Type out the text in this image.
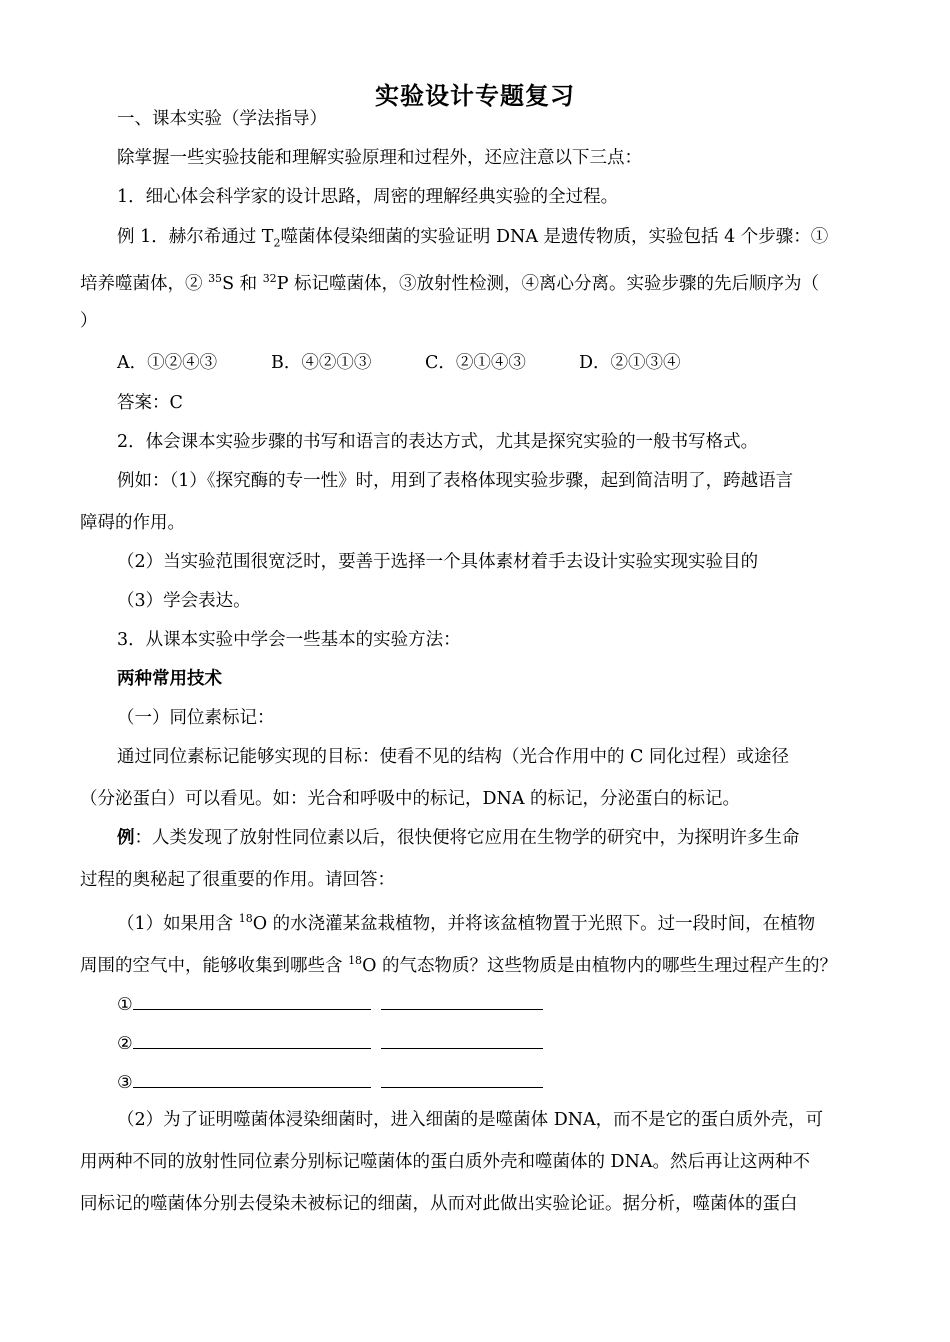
实验设计专题复习
一、课本实验（学法指导）
除掌握一些实验技能和理解实验原理和过程外，还应注意以下三点：
1．细心体会科学家的设计思路，周密的理解经典实验的全过程。
例 1．赫尔希通过 $T_2$噬菌体侵染细菌的实验证明 DNA 是遗传物质，实验包括 4 个步骤：①
培养噬菌体，② $^{35}$S 和 $^{32}$P 标记噬菌体，③放射性检测，④离心分离。实验步骤的先后顺序为（
）
A．①②④③	B．④②①③	C．②①④③	D．②①③④
答案：C
2．体会课本实验步骤的书写和语言的表达方式，尤其是探究实验的一般书写格式。
例如：（1）《探究酶的专一性》时，用到了表格体现实验步骤，起到简洁明了，跨越语言
障碍的作用。
（2）当实验范围很宽泛时，要善于选择一个具体素材着手去设计实验实现实验目的
（3）学会表达。
3．从课本实验中学会一些基本的实验方法：
两种常用技术
（一）同位素标记：
通过同位素标记能够实现的目标：使看不见的结构（光合作用中的 C 同化过程）或途径
（分泌蛋白）可以看见。如：光合和呼吸中的标记，DNA 的标记，分泌蛋白的标记。
例：人类发现了放射性同位素以后，很快便将它应用在生物学的研究中，为探明许多生命
过程的奥秘起了很重要的作用。请回答：
（1）如果用含 $^{18}$O 的水浇灌某盆栽植物，并将该盆植物置于光照下。过一段时间，在植物
周围的空气中，能够收集到哪些含 $^{18}$O 的气态物质？这些物质是由植物内的哪些生理过程产生的？
①
②
③
（2）为了证明噬菌体浸染细菌时，进入细菌的是噬菌体 DNA，而不是它的蛋白质外壳，可
用两种不同的放射性同位素分别标记噬菌体的蛋白质外壳和噬菌体的 DNA。然后再让这两种不
同标记的噬菌体分别去侵染未被标记的细菌，从而对此做出实验论证。据分析，噬菌体的蛋白
